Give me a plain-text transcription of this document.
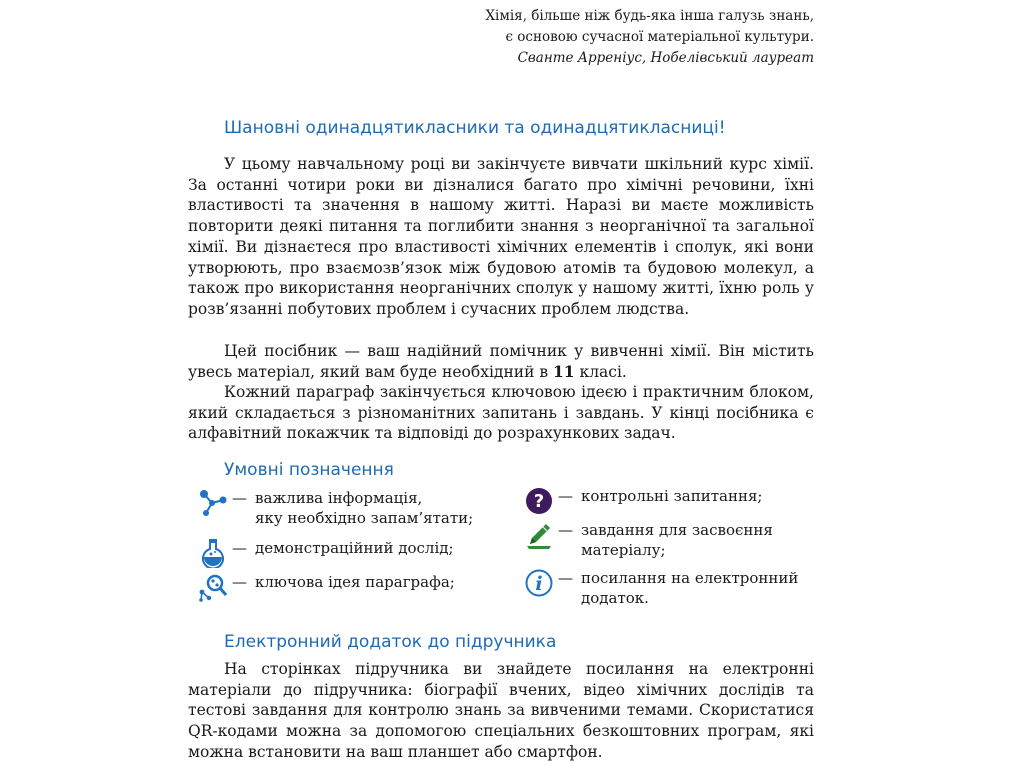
Хімія, більше ніж будь-яка інша галузь знань,
є основою сучасної матеріальної культури.
Сванте Арреніус, Нобелівський лауреат
Шановні одинадцятикласники та одинадцятикласниці!

У цьому навчальному році ви закінчуєте вивчати шкільний курс хімії. За останні чотири роки ви дізналися багато про хімічні речовини, їхні властивості та значення в нашому житті. Наразі ви маєте можливість повторити деякі питання та поглибити знання з неорганічної та загальної хімії. Ви дізнаєтеся про властивості хімічних елементів і сполук, які вони утворюють, про взаємозв’язок між будовою атомів та будовою молекул, а також про використання неорганічних сполук у нашому житті, їхню роль у розв’язанні побутових проблем і сучасних проблем людства.

Цей посібник — ваш надійний помічник у вивченні хімії. Він містить увесь матеріал, який вам буде необхідний в 11 класі.

Кожний параграф закінчується ключовою ідеєю і практичним блоком, який складається з різноманітних запитань і завдань. У кінці посібника є алфавітний покажчик та відповіді до розрахункових задач.

Умовні позначення
— важлива інформація,
яку необхідно запам’ятати;
— демонстраційний дослід;
— ключова ідея параграфа;
? — контрольні запитання;
— завдання для засвоєння
матеріалу;
i — посилання на електронний
додаток.
Електронний додаток до підручника

На сторінках підручника ви знайдете посилання на електронні матеріали до підручника: біографії вчених, відео хімічних дослідів та тестові завдання для контролю знань за вивченими темами. Скористатися QR-кодами можна за допомогою спеціальних безкоштовних програм, які можна встановити на ваш планшет або смартфон.
